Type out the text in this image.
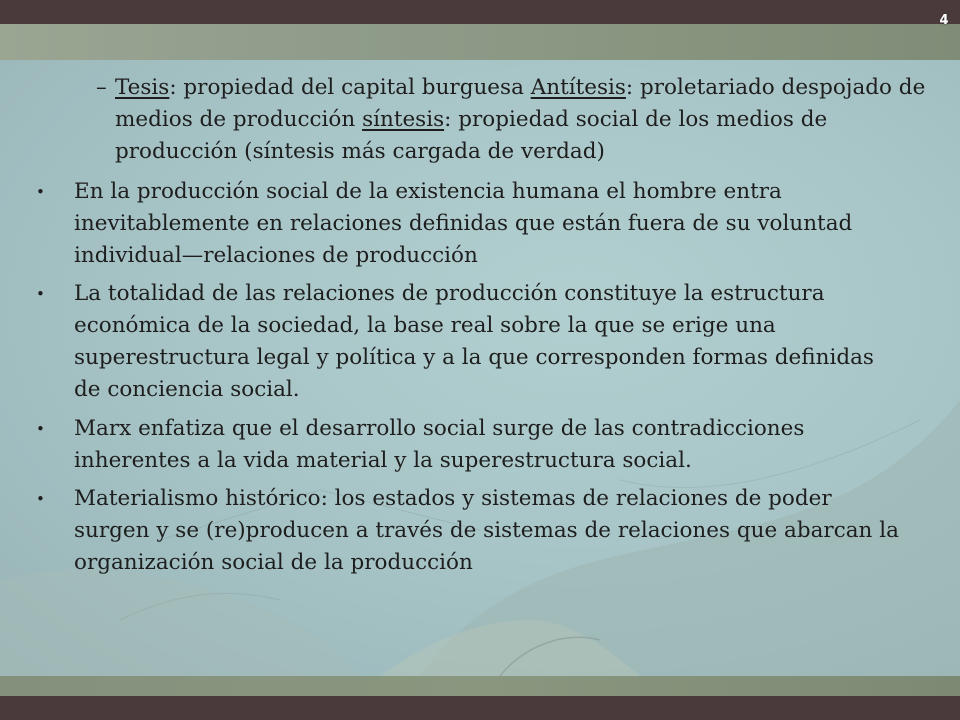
4
– Tesis: propiedad del capital burguesa Antítesis: proletariado despojado de medios de producción síntesis: propiedad social de los medios de producción (síntesis más cargada de verdad)
• En la producción social de la existencia humana el hombre entra inevitablemente en relaciones definidas que están fuera de su voluntad individual—relaciones de producción
• La totalidad de las relaciones de producción constituye la estructura económica de la sociedad, la base real sobre la que se erige una superestructura legal y política y a la que corresponden formas definidas de conciencia social.
• Marx enfatiza que el desarrollo social surge de las contradicciones inherentes a la vida material y la superestructura social.
• Materialismo histórico: los estados y sistemas de relaciones de poder surgen y se (re)producen a través de sistemas de relaciones que abarcan la organización social de la producción
